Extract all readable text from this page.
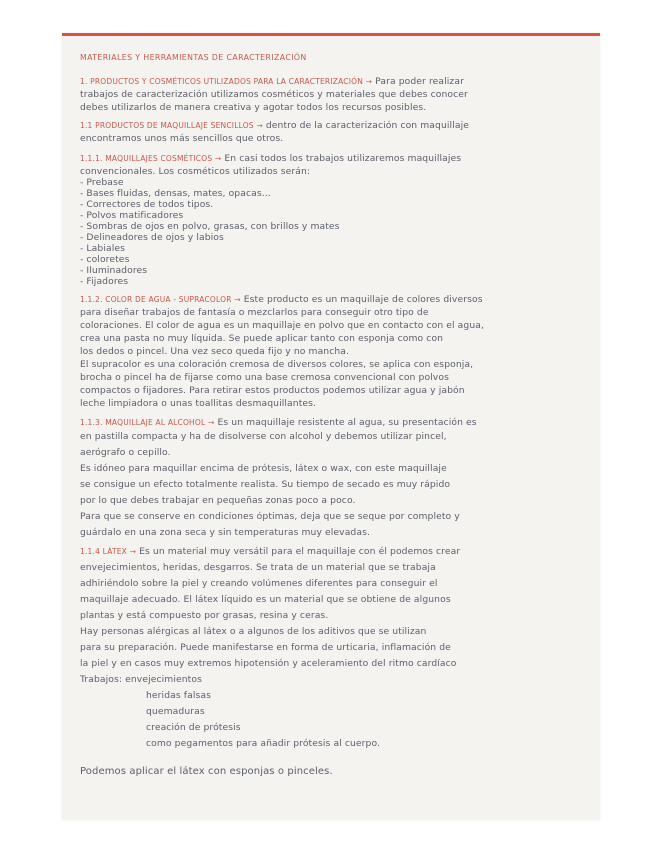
MATERIALES Y HERRAMIENTAS DE CARACTERIZACIÓN
1. PRODUCTOS Y COSMÉTICOS UTILIZADOS PARA LA CARACTERIZACIÓN → Para poder realizar
trabajos de caracterización utilizamos cosméticos y materiales que debes conocer
debes utilizarlos de manera creativa y agotar todos los recursos posibles.
1.1 PRODUCTOS DE MAQUILLAJE SENCILLOS → dentro de la caracterización con maquillaje
encontramos unos más sencillos que otros.
1.1.1. MAQUILLAJES COSMÉTICOS → En casi todos los trabajos utilizaremos maquillajes
convencionales. Los cosméticos utilizados serán:
- Prebase
- Bases fluidas, densas, mates, opacas...
- Correctores de todos tipos.
- Polvos matificadores
- Sombras de ojos en polvo, grasas, con brillos y mates
- Delineadores de ojos y labios
- Labiales
- coloretes
- Iluminadores
- Fijadores
1.1.2. COLOR DE AGUA - SUPRACOLOR → Este producto es un maquillaje de colores diversos
para diseñar trabajos de fantasía o mezclarlos para conseguir otro tipo de
coloraciones. El color de agua es un maquillaje en polvo que en contacto con el agua,
crea una pasta no muy líquida. Se puede aplicar tanto con esponja como con
los dedos o pincel. Una vez seco queda fijo y no mancha.
El supracolor es una coloración cremosa de diversos colores, se aplica con esponja,
brocha o pincel ha de fijarse como una base cremosa convencional con polvos
compactos o fijadores. Para retirar estos productos podemos utilizar agua y jabón
leche limpiadora o unas toallitas desmaquillantes.
1.1.3. MAQUILLAJE AL ALCOHOL → Es un maquillaje resistente al agua, su presentación es
en pastilla compacta y ha de disolverse con alcohol y debemos utilizar pincel,
aerógrafo o cepillo.
Es idóneo para maquillar encima de prótesis, látex o wax, con este maquillaje
se consigue un efecto totalmente realista. Su tiempo de secado es muy rápido
por lo que debes trabajar en pequeñas zonas poco a poco.
Para que se conserve en condiciones óptimas, deja que se seque por completo y
guárdalo en una zona seca y sin temperaturas muy elevadas.
1.1.4 LÁTEX → Es un material muy versátil para el maquillaje con él podemos crear
envejecimientos, heridas, desgarros. Se trata de un material que se trabaja
adhiriéndolo sobre la piel y creando volúmenes diferentes para conseguir el
maquillaje adecuado. El látex líquido es un material que se obtiene de algunos
plantas y está compuesto por grasas, resina y ceras.
Hay personas alérgicas al látex o a algunos de los aditivos que se utilizan
para su preparación. Puede manifestarse en forma de urticaria, inflamación de
la piel y en casos muy extremos hipotensión y aceleramiento del ritmo cardíaco
Trabajos: envejecimientos
heridas falsas
quemaduras
creación de prótesis
como pegamentos para añadir prótesis al cuerpo.
Podemos aplicar el látex con esponjas o pinceles.
